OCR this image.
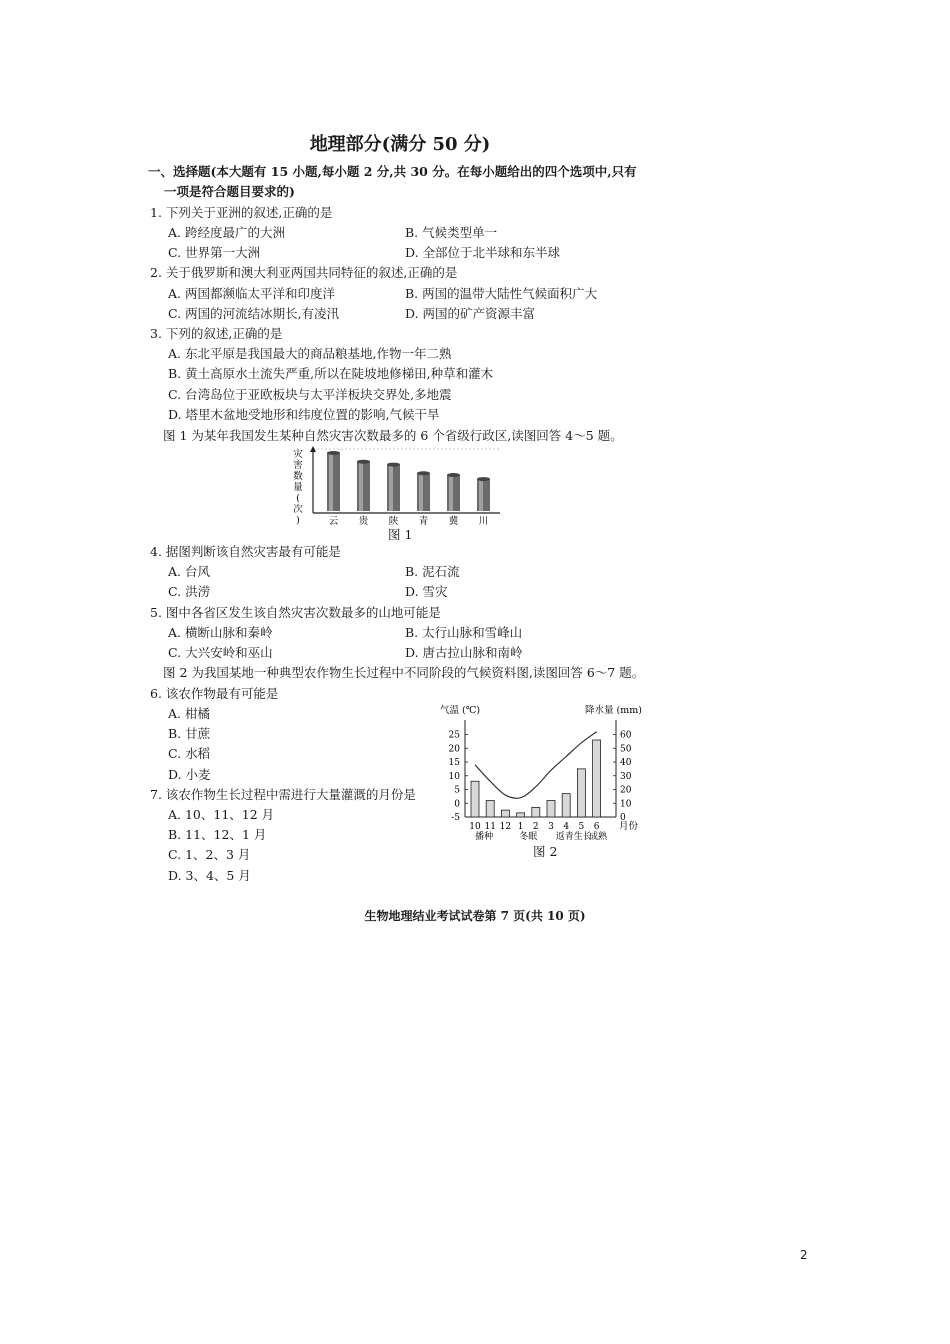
地理部分(满分 50 分)
一、选择题(本大题有 15 小题,每小题 2 分,共 30 分。在每小题给出的四个选项中,只有
一项是符合题目要求的)
1. 下列关于亚洲的叙述,正确的是
A. 跨经度最广的大洲	B. 气候类型单一
C. 世界第一大洲	D. 全部位于北半球和东半球
2. 关于俄罗斯和澳大利亚两国共同特征的叙述,正确的是
A. 两国都濒临太平洋和印度洋	B. 两国的温带大陆性气候面积广大
C. 两国的河流结冰期长,有凌汛	D. 两国的矿产资源丰富
3. 下列的叙述,正确的是
A. 东北平原是我国最大的商品粮基地,作物一年二熟
B. 黄土高原水土流失严重,所以在陡坡地修梯田,种草和灌木
C. 台湾岛位于亚欧板块与太平洋板块交界处,多地震
D. 塔里木盆地受地形和纬度位置的影响,气候干旱
图 1 为某年我国发生某种自然灾害次数最多的 6 个省级行政区,读图回答 4～5 题。
灾
害
数
量
(
次
)	云 贵 陕 青 冀 川
图 1
4. 据图判断该自然灾害最有可能是
A. 台风	B. 泥石流
C. 洪涝	D. 雪灾
5. 图中各省区发生该自然灾害次数最多的山地可能是
A. 横断山脉和秦岭	B. 太行山脉和雪峰山
C. 大兴安岭和巫山	D. 唐古拉山脉和南岭
图 2 为我国某地一种典型农作物生长过程中不同阶段的气候资料图,读图回答 6～7 题。
6. 该农作物最有可能是
A. 柑橘
B. 甘蔗
C. 水稻
D. 小麦
7. 该农作物生长过程中需进行大量灌溉的月份是
A. 10、11、12 月
B. 11、12、1 月
C. 1、2、3 月
D. 3、4、5 月
气温 (℃)	降水量 (mm)
25
20
15
10
5
0
-5
60
50
40
30
20
10
0
10 11 12 1 2 3 4 5 6 月份
播种	冬眠 返青生长
成熟
图 2
生物地理结业考试试卷第 7 页(共 10 页)
2
